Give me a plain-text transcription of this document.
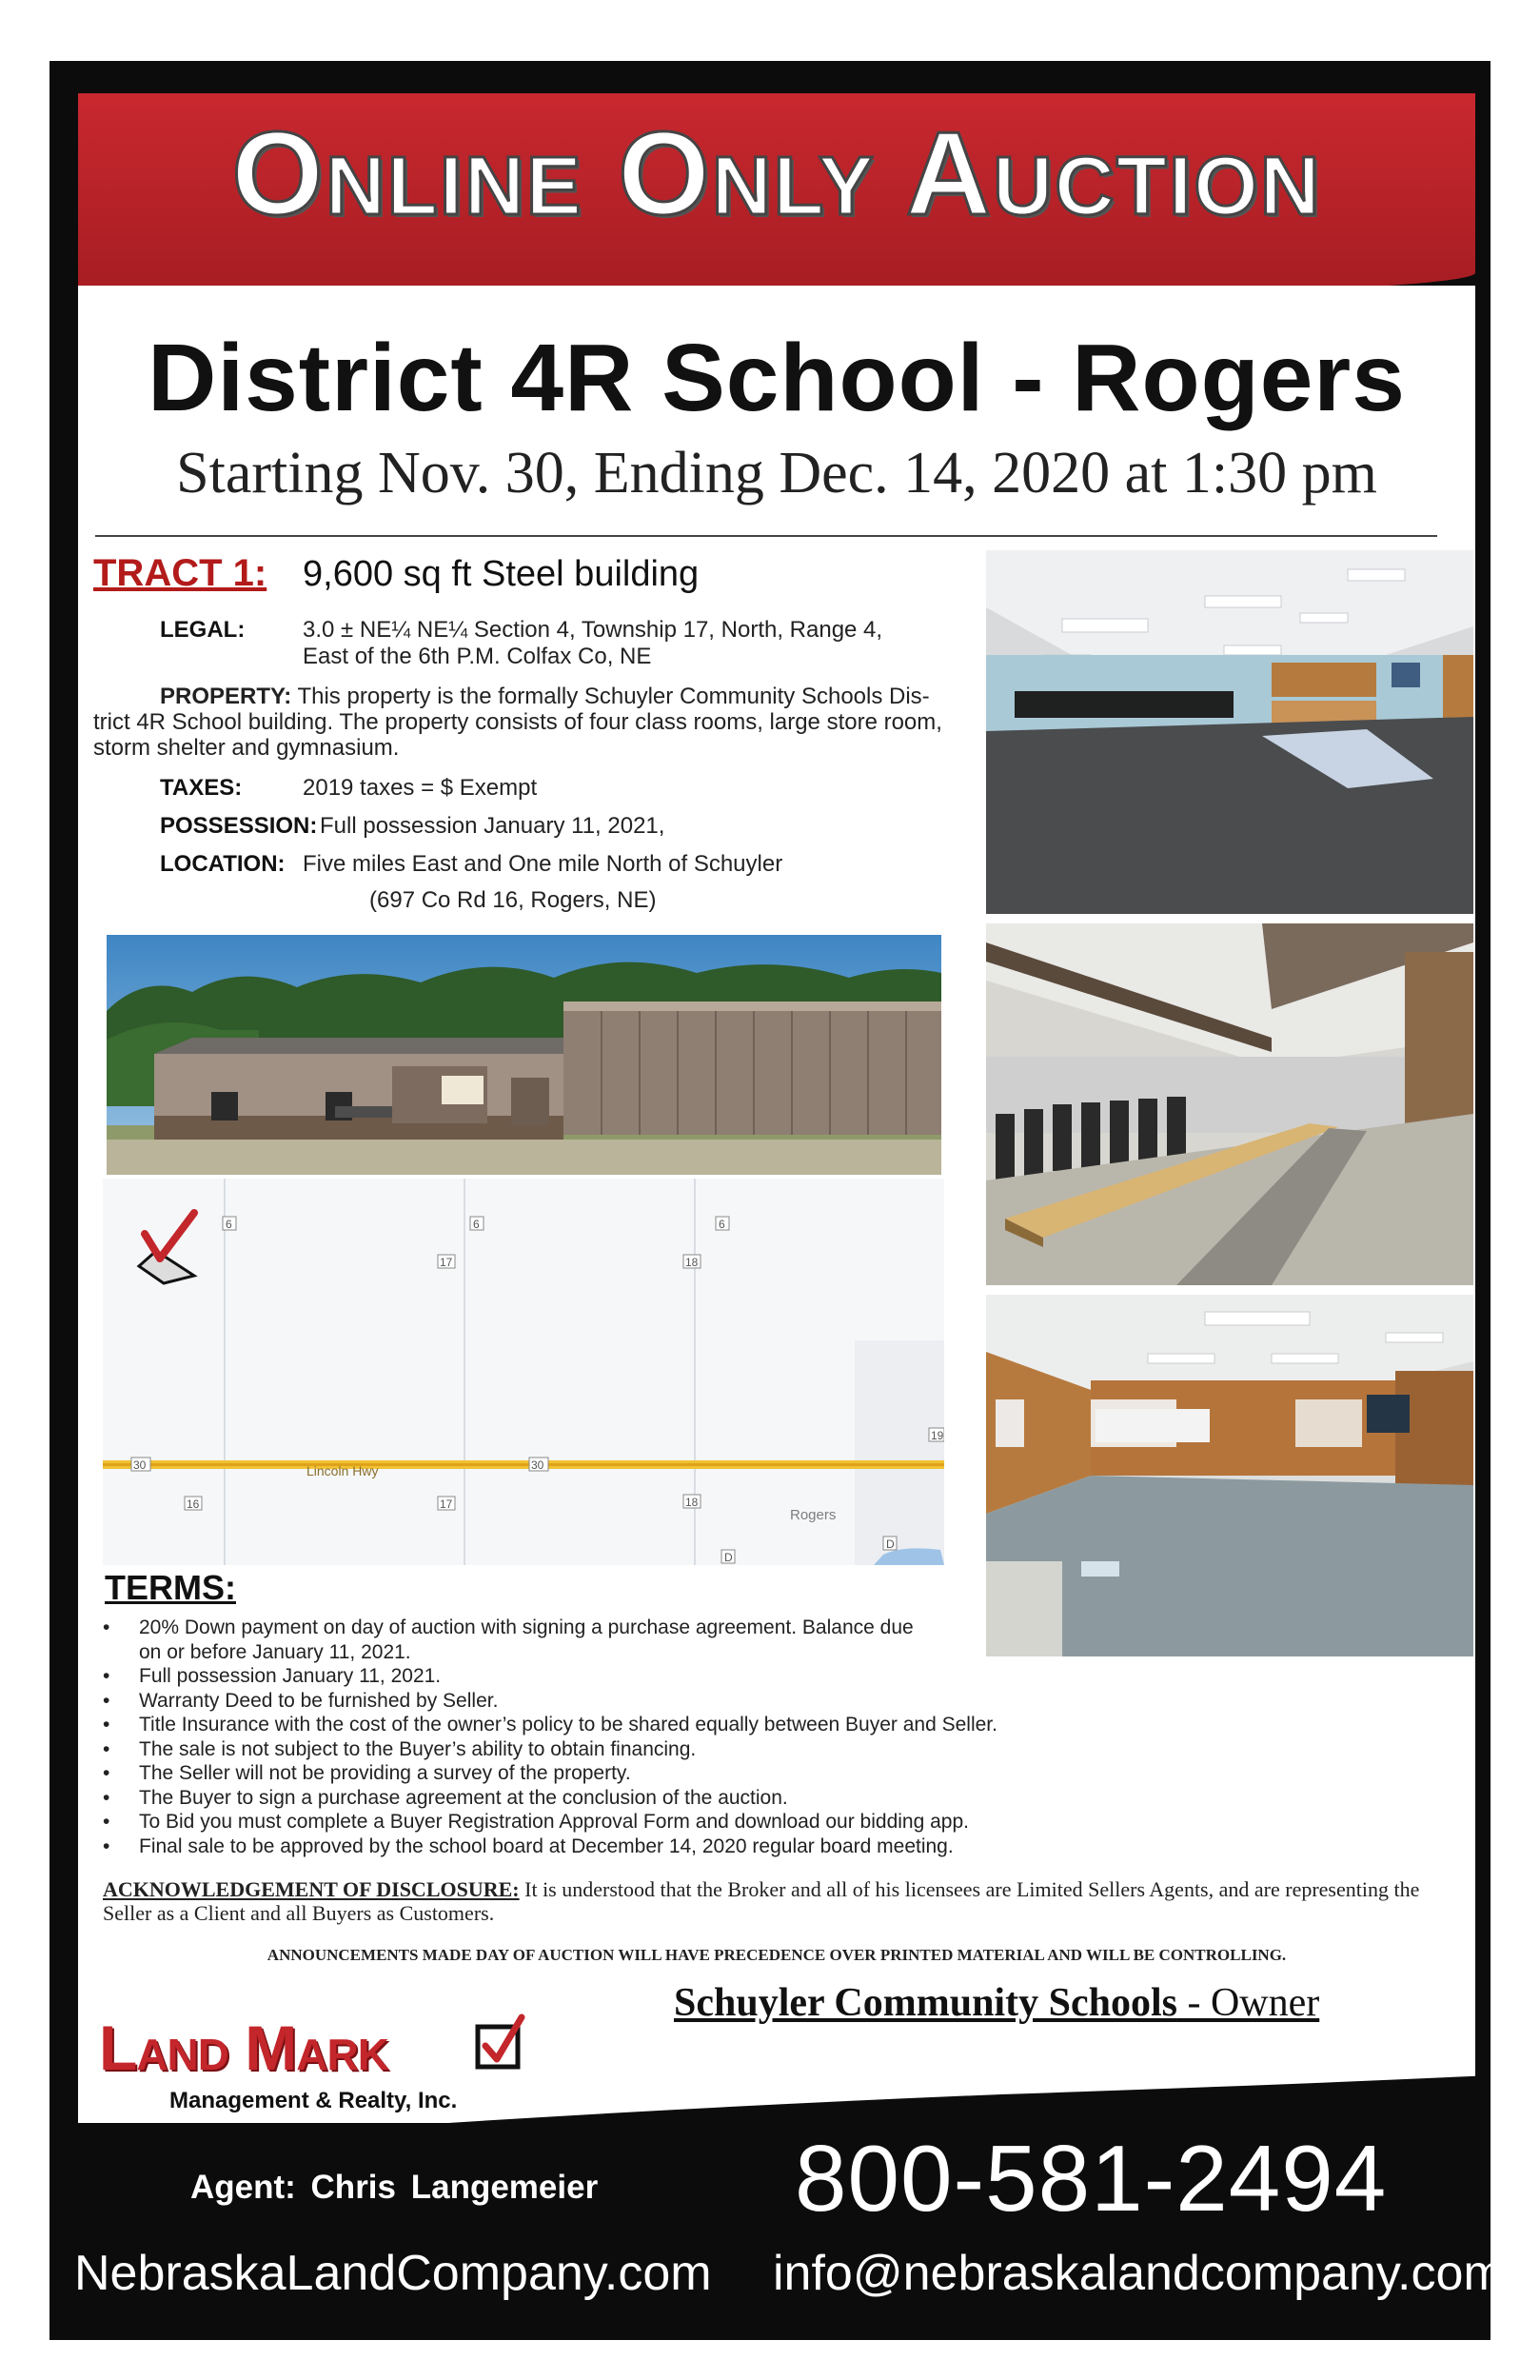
Online Only Auction
District 4R School - Rogers
Starting Nov. 30, Ending Dec. 14, 2020 at 1:30 pm
TRACT 1: 9,600 sq ft Steel building
LEGAL:	3.0 ± NE¼ NE¼ Section 4, Township 17, North, Range 4,
East of the 6th P.M. Colfax Co, NE
PROPERTY: This property is the formally Schuyler Community Schools Dis- trict 4R School building. The property consists of four class rooms, large store room, storm shelter and gymnasium.
TAXES:	2019 taxes = $ Exempt
POSSESSION: Full possession January 11, 2021,
LOCATION: Five miles East and One mile North of Schuyler
(697 Co Rd 16, Rogers, NE)
6	6	6
17	18
16	17	18
30	30
19
D
D
Lincoln Hwy
Rogers
TERMS:
• 20% Down payment on day of auction with signing a purchase agreement. Balance due on or before January 11, 2021.
• Full possession January 11, 2021.
• Warranty Deed to be furnished by Seller.
• Title Insurance with the cost of the owner’s policy to be shared equally between Buyer and Seller.
• The sale is not subject to the Buyer’s ability to obtain financing.
• The Seller will not be providing a survey of the property.
• The Buyer to sign a purchase agreement at the conclusion of the auction.
• To Bid you must complete a Buyer Registration Approval Form and download our bidding app.
• Final sale to be approved by the school board at December 14, 2020 regular board meeting.
ACKNOWLEDGEMENT OF DISCLOSURE: It is understood that the Broker and all of his licensees are Limited Sellers Agents, and are representing the Seller as a Client and all Buyers as Customers.
ANNOUNCEMENTS MADE DAY OF AUCTION WILL HAVE PRECEDENCE OVER PRINTED MATERIAL AND WILL BE CONTROLLING.
Schuyler Community Schools - Owner
Land Mark
Management & Realty, Inc.
Agent: Chris Langemeier 800-581-2494
NebraskaLandCompany.com info@nebraskalandcompany.com
